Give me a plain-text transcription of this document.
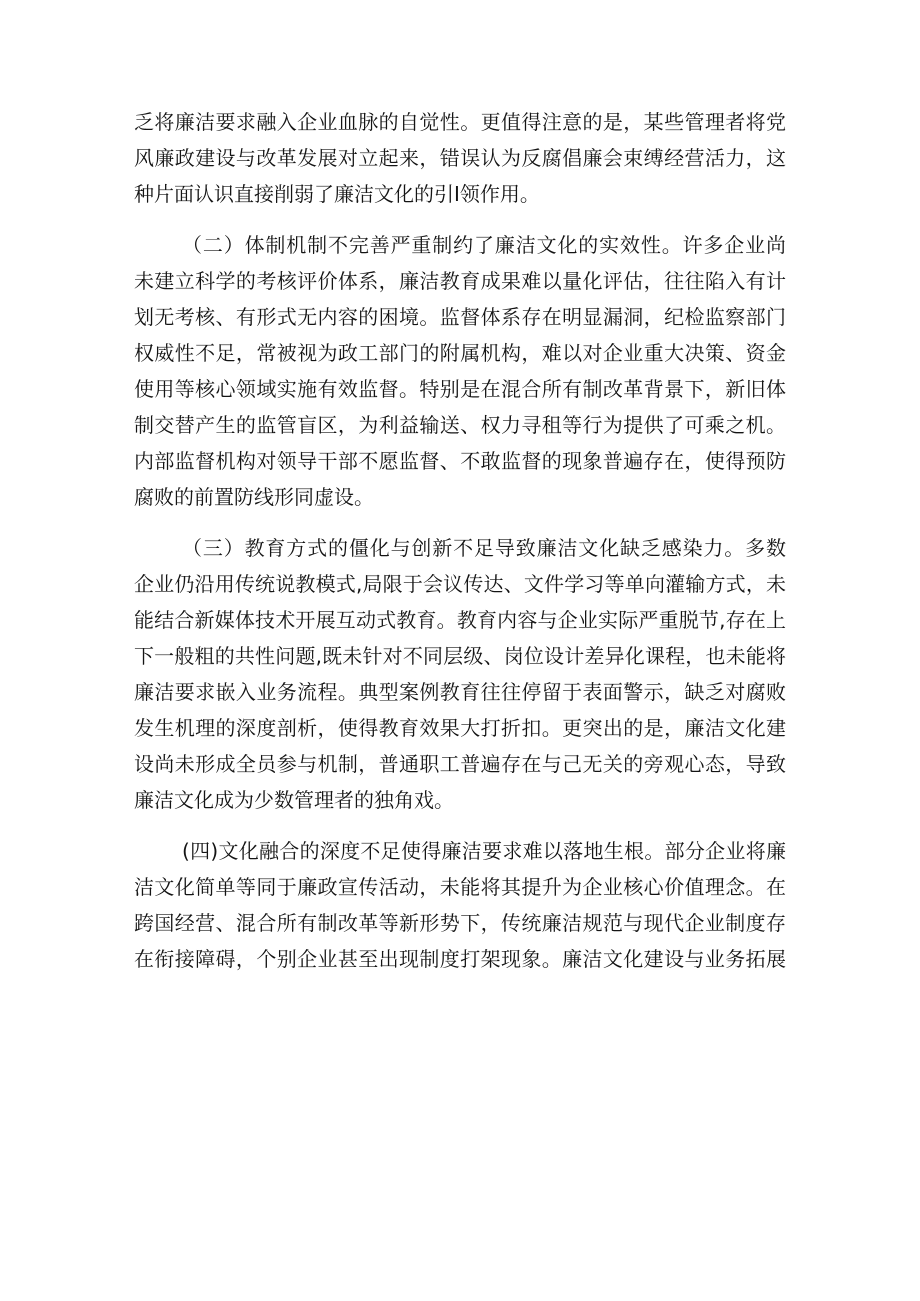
乏将廉洁要求融入企业血脉的自觉性。更值得注意的是，某些管理者将党
风廉政建设与改革发展对立起来，错误认为反腐倡廉会束缚经营活力，这
种片面认识直接削弱了廉洁文化的引I领作用。
（二）体制机制不完善严重制约了廉洁文化的实效性。许多企业尚
未建立科学的考核评价体系，廉洁教育成果难以量化评估，往往陷入有计
划无考核、有形式无内容的困境。监督体系存在明显漏洞，纪检监察部门
权威性不足，常被视为政工部门的附属机构，难以对企业重大决策、资金
使用等核心领域实施有效监督。特别是在混合所有制改革背景下，新旧体
制交替产生的监管盲区，为利益输送、权力寻租等行为提供了可乘之机。
内部监督机构对领导干部不愿监督、不敢监督的现象普遍存在，使得预防
腐败的前置防线形同虚设。
（三）教育方式的僵化与创新不足导致廉洁文化缺乏感染力。多数
企业仍沿用传统说教模式,局限于会议传达、文件学习等单向灌输方式，未
能结合新媒体技术开展互动式教育。教育内容与企业实际严重脱节,存在上
下一般粗的共性问题,既未针对不同层级、岗位设计差异化课程，也未能将
廉洁要求嵌入业务流程。典型案例教育往往停留于表面警示，缺乏对腐败
发生机理的深度剖析，使得教育效果大打折扣。更突出的是，廉洁文化建
设尚未形成全员参与机制，普通职工普遍存在与己无关的旁观心态，导致
廉洁文化成为少数管理者的独角戏。
(四)文化融合的深度不足使得廉洁要求难以落地生根。部分企业将廉
洁文化简单等同于廉政宣传活动，未能将其提升为企业核心价值理念。在
跨国经营、混合所有制改革等新形势下，传统廉洁规范与现代企业制度存
在衔接障碍，个别企业甚至出现制度打架现象。廉洁文化建设与业务拓展
